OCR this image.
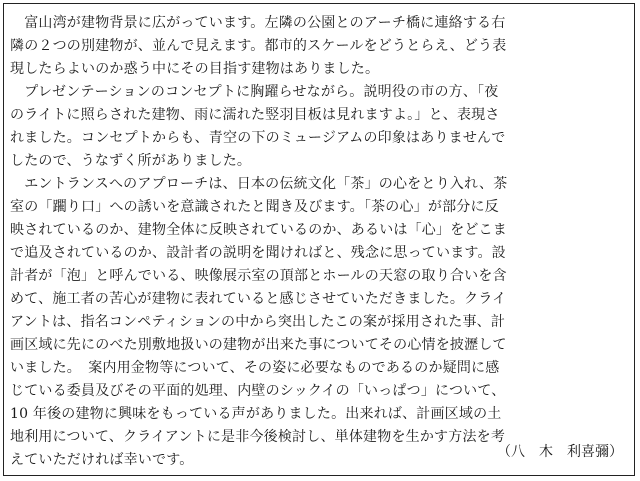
　富山湾が建物背景に広がっています。左隣の公園とのアーチ橋に連絡する右
隣の２つの別建物が、並んで見えます。都市的スケールをどうとらえ、どう表
現したらよいのか惑う中にその目指す建物はありました。
　プレゼンテーションのコンセプトに胸躍らせながら。説明役の市の方、「夜
のライトに照らされた建物、雨に濡れた竪羽目板は見れますよ。」と、表現さ
れました。コンセプトからも、青空の下のミュージアムの印象はありませんで
したので、うなずく所がありました。
　エントランスへのアプローチは、日本の伝統文化「茶」の心をとり入れ、茶
室の「躙り口」への誘いを意識されたと聞き及びます。「茶の心」が部分に反
映されているのか、建物全体に反映されているのか、あるいは「心」をどこま
で追及されているのか、設計者の説明を聞ければと、残念に思っています。設
計者が「泡」と呼んでいる、映像展示室の頂部とホールの天窓の取り合いを含
めて、施工者の苦心が建物に表れていると感じさせていただきました。クライ
アントは、指名コンペティションの中から突出したこの案が採用された事、計
画区域に先にのべた別敷地扱いの建物が出来た事についてその心情を披瀝して
いました。　案内用金物等について、その姿に必要なものであるのか疑問に感
じている委員及びその平面的処理、内壁のシックイの「いっぱつ」について、
10 年後の建物に興味をもっている声がありました。出来れば、計画区域の土
地利用について、クライアントに是非今後検討し、単体建物を生かす方法を考
えていただければ幸いです。	（八　木　利喜彌）
